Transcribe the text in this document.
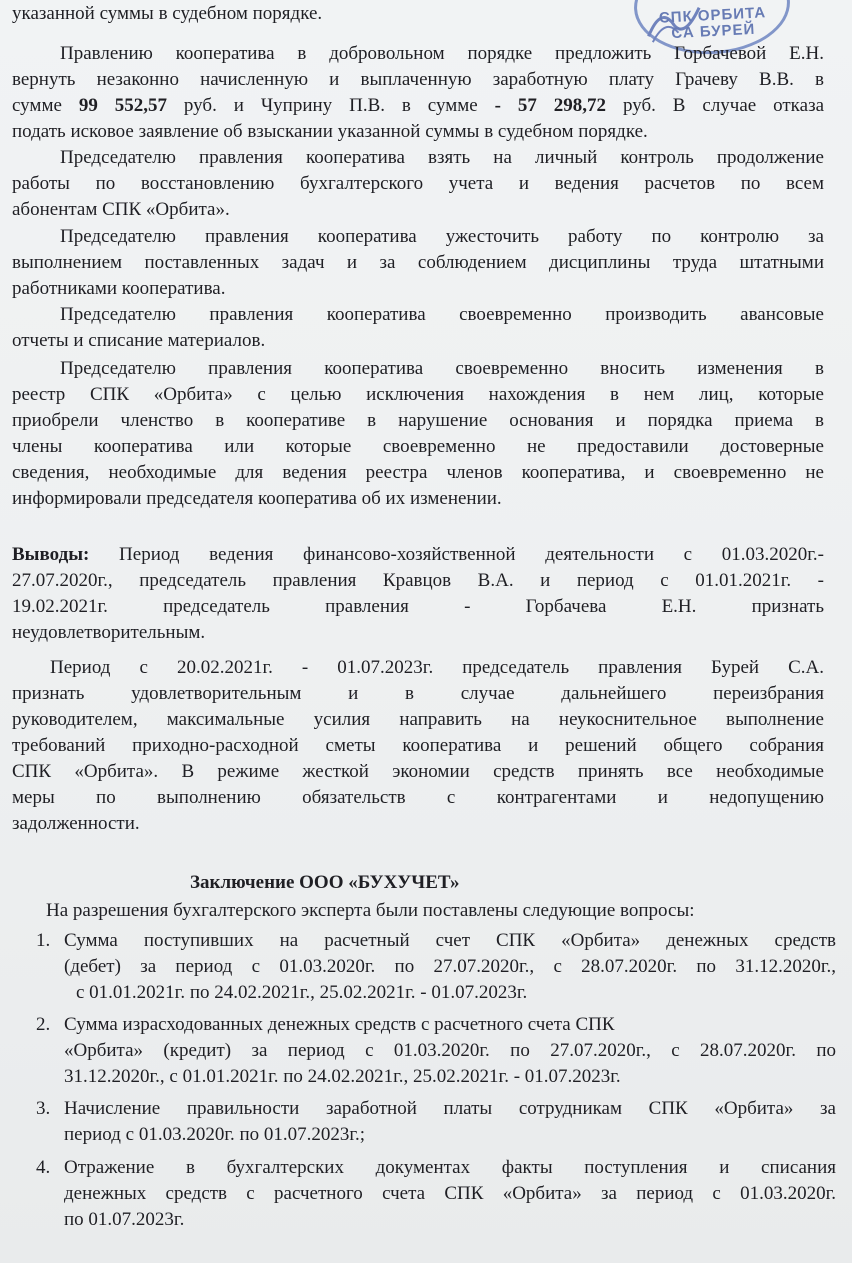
СПК ОРБИТА
СА БУРЕЙ
указанной суммы в судебном порядке.
Правлению кооператива в добровольном порядке предложить Горбачевой Е.Н.
вернуть незаконно начисленную и выплаченную заработную плату Грачеву В.В. в
сумме 99 552,57 руб. и Чуприну П.В. в сумме - 57 298,72 руб. В случае отказа
подать исковое заявление об взыскании указанной суммы в судебном порядке.
Председателю правления кооператива взять на личный контроль продолжение
работы по восстановлению бухгалтерского учета и ведения расчетов по всем
абонентам СПК «Орбита».
Председателю правления кооператива ужесточить работу по контролю за
выполнением поставленных задач и за соблюдением дисциплины труда штатными
работниками кооператива.
Председателю правления кооператива своевременно производить авансовые
отчеты и списание материалов.
Председателю правления кооператива своевременно вносить изменения в
реестр СПК «Орбита» с целью исключения нахождения в нем лиц, которые
приобрели членство в кооперативе в нарушение основания и порядка приема в
члены кооператива или которые своевременно не предоставили достоверные
сведения, необходимые для ведения реестра членов кооператива, и своевременно не
информировали председателя кооператива об их изменении.
Выводы: Период ведения финансово-хозяйственной деятельности с 01.03.2020г.-
27.07.2020г., председатель правления Кравцов В.А. и период с 01.01.2021г. -
19.02.2021г. председатель правления - Горбачева Е.Н. признать
неудовлетворительным.
Период с 20.02.2021г. - 01.07.2023г. председатель правления Бурей С.А.
признать удовлетворительным и в случае дальнейшего переизбрания
руководителем, максимальные усилия направить на неукоснительное выполнение
требований приходно-расходной сметы кооператива и решений общего собрания
СПК «Орбита». В режиме жесткой экономии средств принять все необходимые
меры по выполнению обязательств с контрагентами и недопущению
задолженности.
Заключение ООО «БУХУЧЕТ»
На разрешения бухгалтерского эксперта были поставлены следующие вопросы:
1. Сумма поступивших на расчетный счет СПК «Орбита» денежных средств
(дебет) за период с 01.03.2020г. по 27.07.2020г., с 28.07.2020г. по 31.12.2020г.,
с 01.01.2021г. по 24.02.2021г., 25.02.2021г. - 01.07.2023г.
2. Сумма израсходованных денежных средств с расчетного счета СПК
«Орбита» (кредит) за период с 01.03.2020г. по 27.07.2020г., с 28.07.2020г. по
31.12.2020г., с 01.01.2021г. по 24.02.2021г., 25.02.2021г. - 01.07.2023г.
3. Начисление правильности заработной платы сотрудникам СПК «Орбита» за
период с 01.03.2020г. по 01.07.2023г.;
4. Отражение в бухгалтерских документах факты поступления и списания
денежных средств с расчетного счета СПК «Орбита» за период с 01.03.2020г.
по 01.07.2023г.
